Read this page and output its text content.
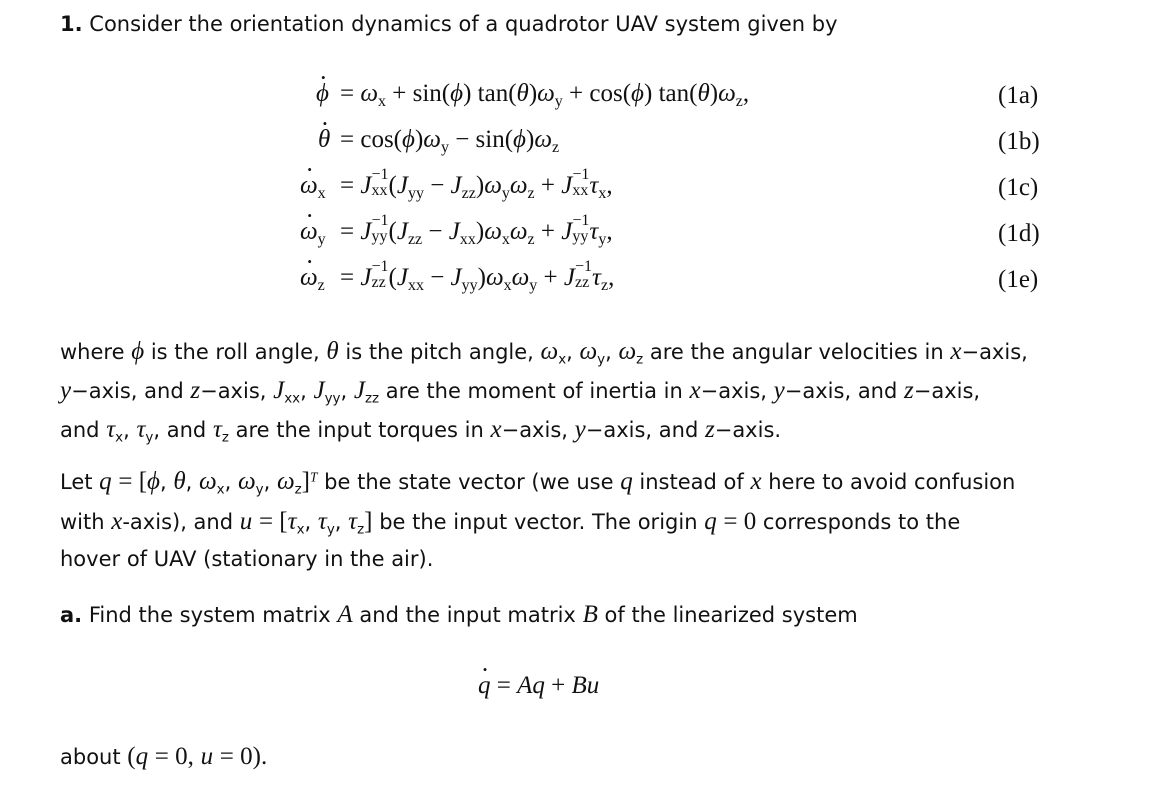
1. Consider the orientation dynamics of a quadrotor UAV system given by
· $\phi = \omega_x + \sin(\phi) \tan(\theta)\omega_y + \cos(\phi)$ $\tan(\theta)\omega_z$,	(1a)
· $\theta = \cos(\phi)\omega_y - \sin(\phi)\omega_z$	(1b)
· $\omega_x = J -1$
xx $(J_{yy} - J_{zz})\omega_y\omega_z + J -1$
xx $\tau_x$,	(1c)
· $\omega_y = J -1$
yy $(J_{zz} - J_{xx})\omega_x\omega_z + J -1$
yy $\tau_y$,	(1d)
· $\omega_z = J -1$
zz $(J_{xx} - J_{yy})\omega_x\omega_y + J -1$
zz $\tau_z$,	(1e)
where ϕ is the roll angle, θ is the pitch angle, $\omega_x$, $\omega_y$, $\omega_z$ are the angular velocities in x−axis,
y−axis, and z−axis, $J_{xx}$, $J_{yy}$, $J_{zz}$ are the moment of inertia in x−axis, y−axis, and z−axis,
and $\tau_x$, $\tau_y$, and $\tau_z$ are the input torques in x−axis, y−axis, and z−axis.
Let q = [ϕ, θ, $\omega_x$, $\omega_y$, $\omega_z]^T$ be the state vector (we use q instead of x here to avoid confusion
with x-axis), and $u = [\tau_x$, $\tau_y$, $\tau_z$] be the input vector. The origin q = 0 corresponds to the
hover of UAV (stationary in the air).
a. Find the system matrix A and the input matrix B of the linearized system
· q = Aq + Bu
about (q = 0, u = 0).
